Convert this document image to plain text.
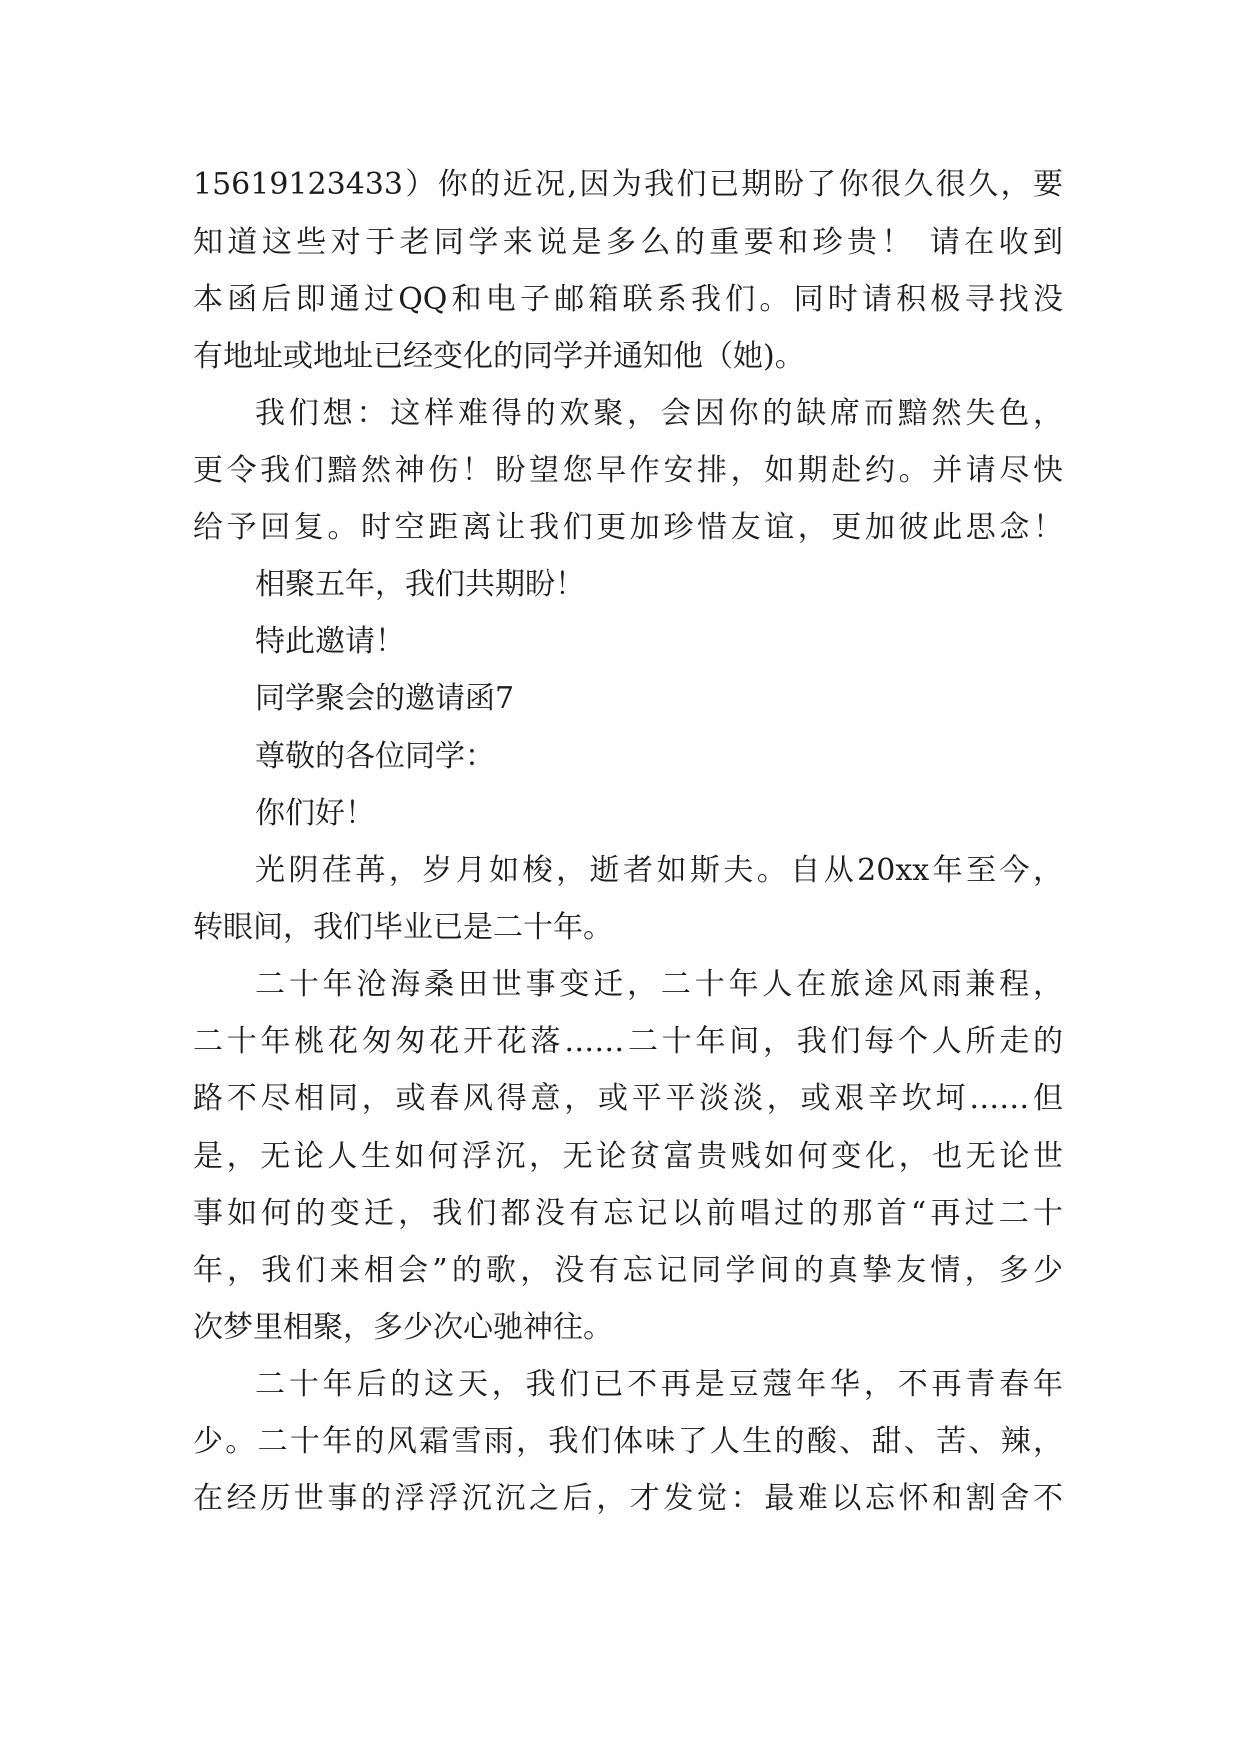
15619123433）你的近况,因为我们已期盼了你很久很久，要
知道这些对于老同学来说是多么的重要和珍贵！ 请在收到
本函后即通过QQ和电子邮箱联系我们。同时请积极寻找没
有地址或地址已经变化的同学并通知他（她)。
我们想：这样难得的欢聚，会因你的缺席而黯然失色，
更令我们黯然神伤！盼望您早作安排，如期赴约。并请尽快
给予回复。时空距离让我们更加珍惜友谊，更加彼此思念！
相聚五年，我们共期盼！
特此邀请！
同学聚会的邀请函7
尊敬的各位同学：
你们好！
光阴荏苒，岁月如梭，逝者如斯夫。自从20xx年至今，
转眼间，我们毕业已是二十年。
二十年沧海桑田世事变迁，二十年人在旅途风雨兼程，
二十年桃花匆匆花开花落……二十年间，我们每个人所走的
路不尽相同，或春风得意，或平平淡淡，或艰辛坎坷……但
是，无论人生如何浮沉，无论贫富贵贱如何变化，也无论世
事如何的变迁，我们都没有忘记以前唱过的那首“再过二十
年，我们来相会”的歌，没有忘记同学间的真挚友情，多少
次梦里相聚，多少次心驰神往。
二十年后的这天，我们已不再是豆蔻年华，不再青春年
少。二十年的风霜雪雨，我们体味了人生的酸、甜、苦、辣，
在经历世事的浮浮沉沉之后，才发觉：最难以忘怀和割舍不
